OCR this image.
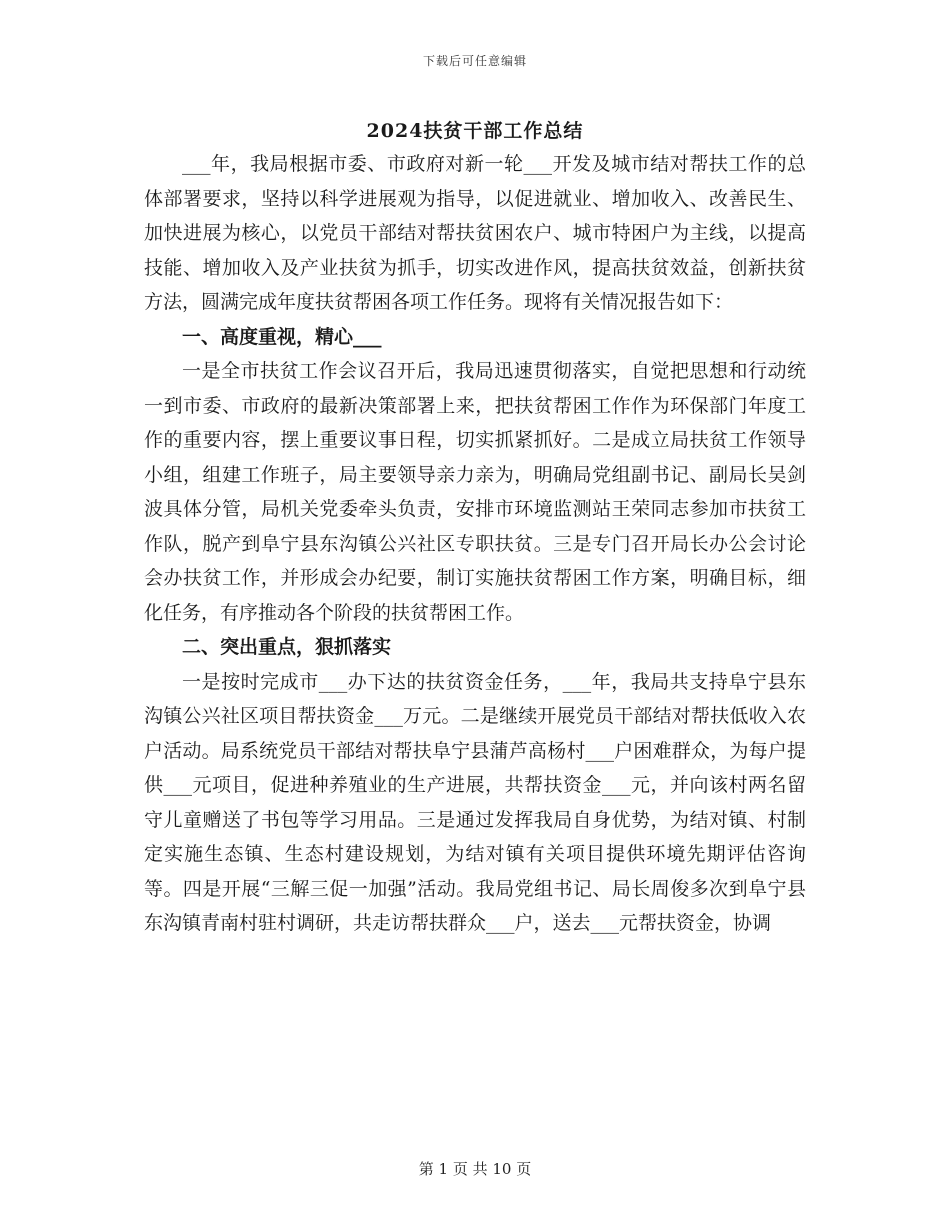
下载后可任意编辑
2024扶贫干部工作总结

___年，我局根据市委、市政府对新一轮___开发及城市结对帮扶工作的总体部署要求，坚持以科学进展观为指导，以促进就业、增加收入、改善民生、加快进展为核心，以党员干部结对帮扶贫困农户、城市特困户为主线，以提高技能、增加收入及产业扶贫为抓手，切实改进作风，提高扶贫效益，创新扶贫方法，圆满完成年度扶贫帮困各项工作任务。现将有关情况报告如下：

一、高度重视，精心___

一是全市扶贫工作会议召开后，我局迅速贯彻落实，自觉把思想和行动统一到市委、市政府的最新决策部署上来，把扶贫帮困工作作为环保部门年度工作的重要内容，摆上重要议事日程，切实抓紧抓好。二是成立局扶贫工作领导小组，组建工作班子，局主要领导亲力亲为，明确局党组副书记、副局长吴剑波具体分管，局机关党委牵头负责，安排市环境监测站王荣同志参加市扶贫工作队，脱产到阜宁县东沟镇公兴社区专职扶贫。三是专门召开局长办公会讨论会办扶贫工作，并形成会办纪要，制订实施扶贫帮困工作方案，明确目标，细化任务，有序推动各个阶段的扶贫帮困工作。

二、突出重点，狠抓落实

一是按时完成市___办下达的扶贫资金任务，___年，我局共支持阜宁县东沟镇公兴社区项目帮扶资金___万元。二是继续开展党员干部结对帮扶低收入农户活动。局系统党员干部结对帮扶阜宁县蒲芦高杨村___户困难群众，为每户提供___元项目，促进种养殖业的生产进展，共帮扶资金___元，并向该村两名留守儿童赠送了书包等学习用品。三是通过发挥我局自身优势，为结对镇、村制定实施生态镇、生态村建设规划，为结对镇有关项目提供环境先期评估咨询等。四是开展“三解三促一加强”活动。我局党组书记、局长周俊多次到阜宁县东沟镇青南村驻村调研，共走访帮扶群众___户，送去___元帮扶资金，协调

第 1 页 共 10 页
